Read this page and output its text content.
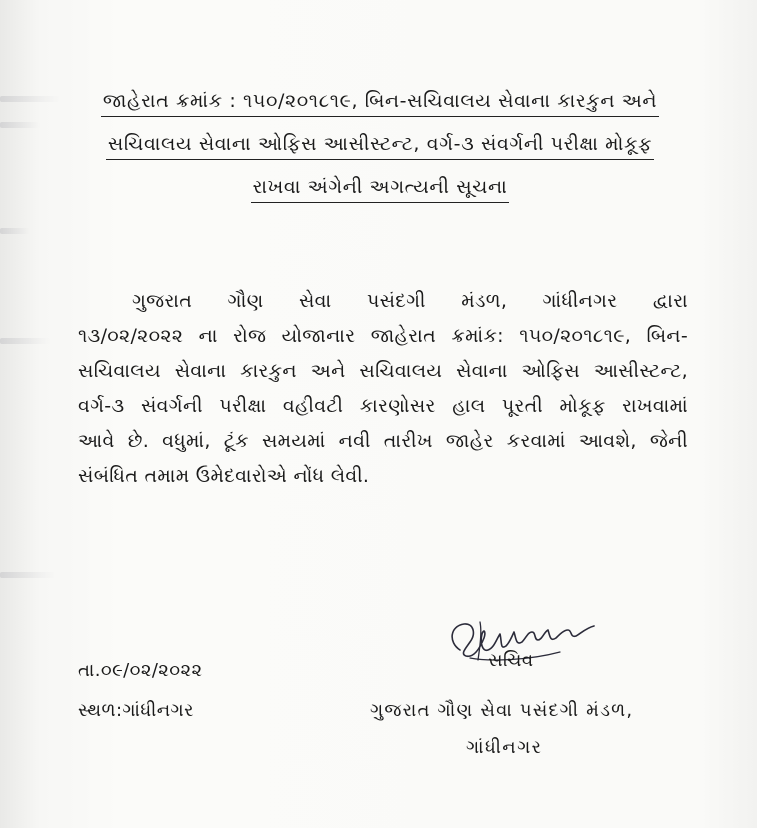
જાહેરાત ક્રમાંક : ૧૫૦/૨૦૧૮૧૯, બિન-સચિવાલય સેવાના કારકુન અને
સચિવાલય સેવાના ઓફિસ આસીસ્ટન્ટ, વર્ગ-૩ સંવર્ગની પરીક્ષા મોકૂફ
રાખવા અંગેની અગત્યની સૂચના
ગુજરાત ગૌણ સેવા પસંદગી મંડળ, ગાંધીનગર દ્વારા
૧૩/૦૨/૨૦૨૨ ના રોજ યોજાનાર જાહેરાત ક્રમાંક: ૧૫૦/૨૦૧૮૧૯, બિન-
સચિવાલય સેવાના કારકુન અને સચિવાલય સેવાના ઓફિસ આસીસ્ટન્ટ,
વર્ગ-૩ સંવર્ગની પરીક્ષા વહીવટી કારણોસર હાલ પૂરતી મોકૂફ રાખવામાં
આવે છે. વધુમાં, ટૂંક સમયમાં નવી તારીખ જાહેર કરવામાં આવશે, જેની
સંબંધિત તમામ ઉમેદવારોએ નોંધ લેવી.
તા.૦૯/૦૨/૨૦૨૨
સ્થળ:ગાંધીનગર
સચિવ
ગુજરાત ગૌણ સેવા પસંદગી મંડળ,
ગાંધીનગર
